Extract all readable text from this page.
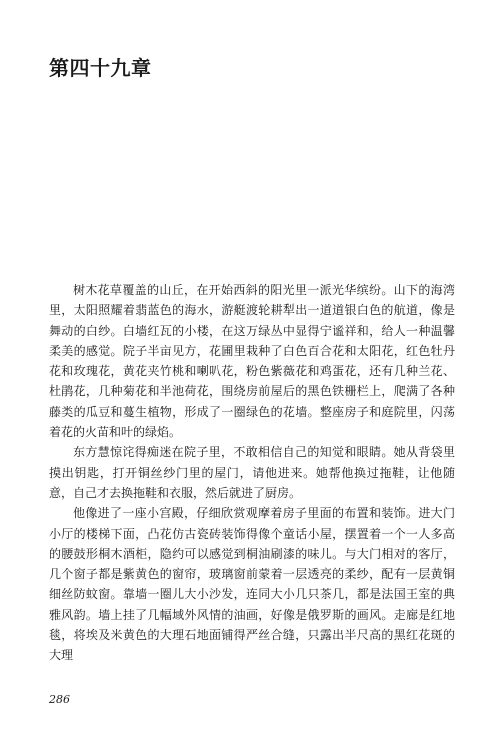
第四十九章

树木花草覆盖的山丘，在开始西斜的阳光里一派光华缤纷。山下的海湾里，太阳照耀着翡蓝色的海水，游艇渡轮耕犁出一道道银白色的航道，像是舞动的白纱。白墙红瓦的小楼，在这万绿丛中显得宁谧祥和，给人一种温馨柔美的感觉。院子半亩见方，花圃里栽种了白色百合花和太阳花，红色牡丹花和玫瑰花，黄花夹竹桃和喇叭花，粉色紫薇花和鸡蛋花，还有几种兰花、杜鹃花，几种菊花和半池荷花，围绕房前屋后的黑色铁栅栏上，爬满了各种藤类的瓜豆和蔓生植物，形成了一圈绿色的花墙。整座房子和庭院里，闪荡着花的火苗和叶的绿焰。

东方慧惊诧得痴迷在院子里，不敢相信自己的知觉和眼睛。她从背袋里摸出钥匙，打开铜丝纱门里的屋门，请他进来。她帮他换过拖鞋，让他随意，自己才去换拖鞋和衣服，然后就进了厨房。

他像进了一座小宫殿，仔细欣赏观摩着房子里面的布置和装饰。进大门小厅的楼梯下面，凸花仿古瓷砖装饰得像个童话小屋，摆置着一个一人多高的腰鼓形桐木酒柜，隐约可以感觉到桐油刷漆的味儿。与大门相对的客厅，几个窗子都是紫黄色的窗帘，玻璃窗前蒙着一层透亮的柔纱，配有一层黄铜细丝防蚊窗。靠墙一圈儿大小沙发，连同大小几只茶几，都是法国王室的典雅风韵。墙上挂了几幅域外风情的油画，好像是俄罗斯的画风。走廊是红地毯，将埃及米黄色的大理石地面铺得严丝合缝，只露出半尺高的黑红花斑的大理

286
